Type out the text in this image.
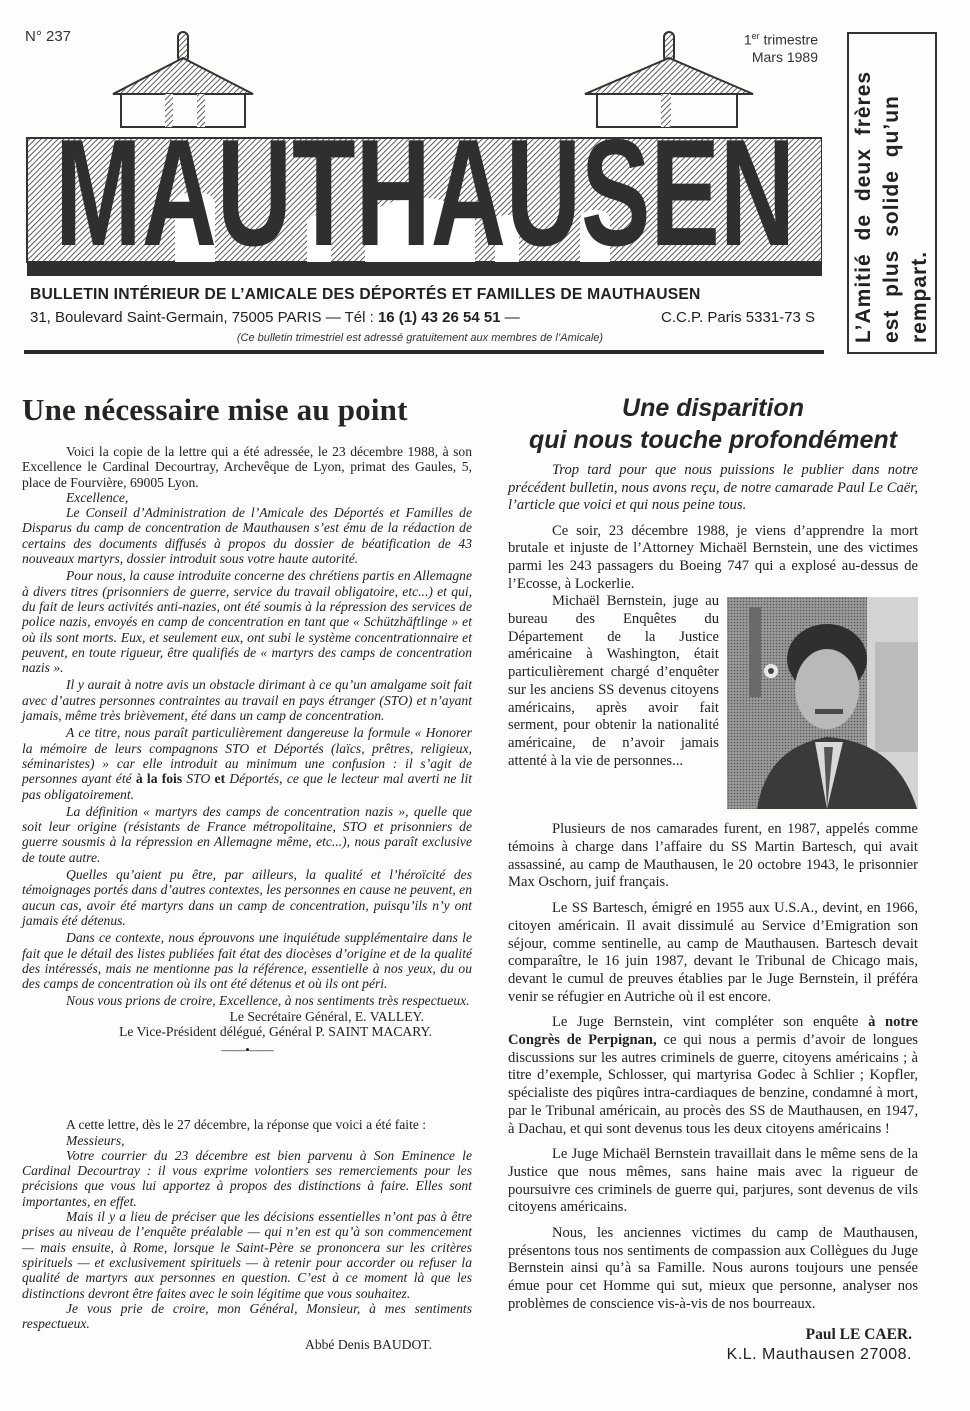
N° 237
MAUTHAUSEN
1er trimestre
Mars 1989
L’Amitié de deux frères est plus solide qu’un rempart.
BULLETIN INTÉRIEUR DE L’AMICALE DES DÉPORTÉS ET FAMILLES DE MAUTHAUSEN
31, Boulevard Saint-Germain, 75005 PARIS — Tél : 16 (1) 43 26 54 51 —	C.C.P. Paris 5331-73 S
(Ce bulletin trimestriel est adressé gratuitement aux membres de l’Amicale)
Une nécessaire mise au point

Voici la copie de la lettre qui a été adressée, le 23 décembre 1988, à son Excellence le Cardinal Decourtray, Archevêque de Lyon, primat des Gaules, 5, place de Fourvière, 69005 Lyon.

Excellence,

Le Conseil d’Administration de l’Amicale des Déportés et Familles de Disparus du camp de concentration de Mauthausen s’est ému de la rédaction de certains des documents diffusés à propos du dossier de béatification de 43 nouveaux martyrs, dossier introduit sous votre haute autorité.

Pour nous, la cause introduite concerne des chrétiens partis en Allemagne à divers titres (prisonniers de guerre, service du travail obligatoire, etc...) et qui, du fait de leurs activités anti-nazies, ont été soumis à la répression des services de police nazis, envoyés en camp de concentration en tant que « Schützhäftlinge » et où ils sont morts. Eux, et seulement eux, ont subi le système concentrationnaire et peuvent, en toute rigueur, être qualifiés de « martyrs des camps de concentration nazis ».

Il y aurait à notre avis un obstacle dirimant à ce qu’un amalgame soit fait avec d’autres personnes contraintes au travail en pays étranger (STO) et n’ayant jamais, même très brièvement, été dans un camp de concentration.

A ce titre, nous paraît particulièrement dangereuse la formule « Honorer la mémoire de leurs compagnons STO et Déportés (laïcs, prêtres, religieux, séminaristes) » car elle introduit au minimum une confusion : il s’agit de personnes ayant été à la fois STO et Déportés, ce que le lecteur mal averti ne lit pas obligatoirement.

La définition « martyrs des camps de concentration nazis », quelle que soit leur origine (résistants de France métropolitaine, STO et prisonniers de guerre sousmis à la répression en Allemagne même, etc...), nous paraît exclusive de toute autre.

Quelles qu’aient pu être, par ailleurs, la qualité et l’héroïcité des témoignages portés dans d’autres contextes, les personnes en cause ne peuvent, en aucun cas, avoir été martyrs dans un camp de concentration, puisqu’ils n’y ont jamais été détenus.

Dans ce contexte, nous éprouvons une inquiétude supplémentaire dans le fait que le détail des listes publiées fait état des diocèses d’origine et de la qualité des intéressés, mais ne mentionne pas la référence, essentielle à nos yeux, du ou des camps de concentration où ils ont été détenus et où ils ont péri.

Nous vous prions de croire, Excellence, à nos sentiments très respectueux.

Le Secrétaire Général, E. VALLEY.
Le Vice-Président délégué, Général P. SAINT MACARY.
——•——

A cette lettre, dès le 27 décembre, la réponse que voici a été faite :

Messieurs,

Votre courrier du 23 décembre est bien parvenu à Son Eminence le Cardinal Decourtray : il vous exprime volontiers ses remerciements pour les précisions que vous lui apportez à propos des distinctions à faire. Elles sont importantes, en effet.

Mais il y a lieu de préciser que les décisions essentielles n’ont pas à être prises au niveau de l’enquête préalable — qui n’en est qu’à son commencement — mais ensuite, à Rome, lorsque le Saint-Père se prononcera sur les critères spirituels — et exclusivement spirituels — à retenir pour accorder ou refuser la qualité de martyrs aux personnes en question. C’est à ce moment là que les distinctions devront être faites avec le soin légitime que vous souhaitez.

Je vous prie de croire, mon Général, Monsieur, à mes sentiments respectueux.

Abbé Denis BAUDOT.
Une disparition
qui nous touche profondément

Trop tard pour que nous puissions le publier dans notre précédent bulletin, nous avons reçu, de notre camarade Paul Le Caër, l’article que voici et qui nous peine tous.

Ce soir, 23 décembre 1988, je viens d’apprendre la mort brutale et injuste de l’Attorney Michaël Bernstein, une des victimes parmi les 243 passagers du Boeing 747 qui a explosé au-dessus de l’Ecosse, à Lockerlie.

Michaël Bernstein, juge au bureau des Enquêtes du Département de la Justice américaine à Washington, était particulièrement chargé d’enquêter sur les anciens SS devenus citoyens américains, après avoir fait serment, pour obtenir la nationalité américaine, de n’avoir jamais attenté à la vie de personnes...

Plusieurs de nos camarades furent, en 1987, appelés comme témoins à charge dans l’affaire du SS Martin Bartesch, qui avait assassiné, au camp de Mauthausen, le 20 octobre 1943, le prisonnier Max Oschorn, juif français.

Le SS Bartesch, émigré en 1955 aux U.S.A., devint, en 1966, citoyen américain. Il avait dissimulé au Service d’Emigration son séjour, comme sentinelle, au camp de Mauthausen. Bartesch devait comparaître, le 16 juin 1987, devant le Tribunal de Chicago mais, devant le cumul de preuves établies par le Juge Bernstein, il préféra venir se réfugier en Autriche où il est encore.

Le Juge Bernstein, vint compléter son enquête à notre Congrès de Perpignan, ce qui nous a permis d’avoir de longues discussions sur les autres criminels de guerre, citoyens américains ; à titre d’exemple, Schlosser, qui martyrisa Godec à Schlier ; Kopfler, spécialiste des piqûres intra-cardiaques de benzine, condamné à mort, par le Tribunal américain, au procès des SS de Mauthausen, en 1947, à Dachau, et qui sont devenus tous les deux citoyens américains !

Le Juge Michaël Bernstein travaillait dans le même sens de la Justice que nous mêmes, sans haine mais avec la rigueur de poursuivre ces criminels de guerre qui, parjures, sont devenus de vils citoyens américains.

Nous, les anciennes victimes du camp de Mauthausen, présentons tous nos sentiments de compassion aux Collègues du Juge Bernstein ainsi qu’à sa Famille. Nous aurons toujours une pensée émue pour cet Homme qui sut, mieux que personne, analyser nos problèmes de conscience vis-à-vis de nos bourreaux.

Paul LE CAER.
K.L. Mauthausen 27008.
